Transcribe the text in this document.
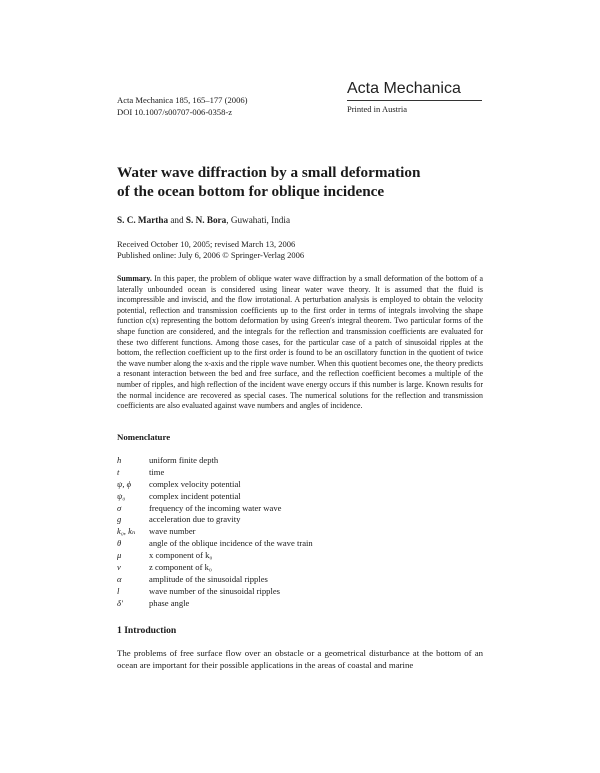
Acta Mechanica 185, 165–177 (2006)
DOI 10.1007/s00707-006-0358-z
Acta Mechanica
Printed in Austria
Water wave diffraction by a small deformation
of the ocean bottom for oblique incidence
S. C. Martha and S. N. Bora, Guwahati, India
Received October 10, 2005; revised March 13, 2006
Published online: July 6, 2006 © Springer-Verlag 2006

Summary. In this paper, the problem of oblique water wave diffraction by a small deformation of the bottom of a laterally unbounded ocean is considered using linear water wave theory. It is assumed that the fluid is incompressible and inviscid, and the flow irrotational. A perturbation analysis is employed to obtain the velocity potential, reflection and transmission coefficients up to the first order in terms of integrals involving the shape function c(x) representing the bottom deformation by using Green's integral theorem. Two particular forms of the shape function are considered, and the integrals for the reflection and transmission coefficients are evaluated for these two different functions. Among those cases, for the particular case of a patch of sinusoidal ripples at the bottom, the reflection coefficient up to the first order is found to be an oscillatory function in the quotient of twice the wave number along the x-axis and the ripple wave number. When this quotient becomes one, the theory predicts a resonant interaction between the bed and free surface, and the reflection coefficient becomes a multiple of the number of ripples, and high reflection of the incident wave energy occurs if this number is large. Known results for the normal incidence are recovered as special cases. The numerical solutions for the reflection and transmission coefficients are also evaluated against wave numbers and angles of incidence.

Nomenclature
h	uniform finite depth
t	time
ψ, ϕ complex velocity potential
ψ₀	complex incident potential
σ	frequency of the incoming water wave
g	acceleration due to gravity
k₀, kₙ wave number
θ	angle of the oblique incidence of the wave train
μ	x component of k₀
ν	z component of k₀
α	amplitude of the sinusoidal ripples
l	wave number of the sinusoidal ripples
δ′	phase angle
1 Introduction

The problems of free surface flow over an obstacle or a geometrical disturbance at the bottom of an ocean are important for their possible applications in the areas of coastal and marine
